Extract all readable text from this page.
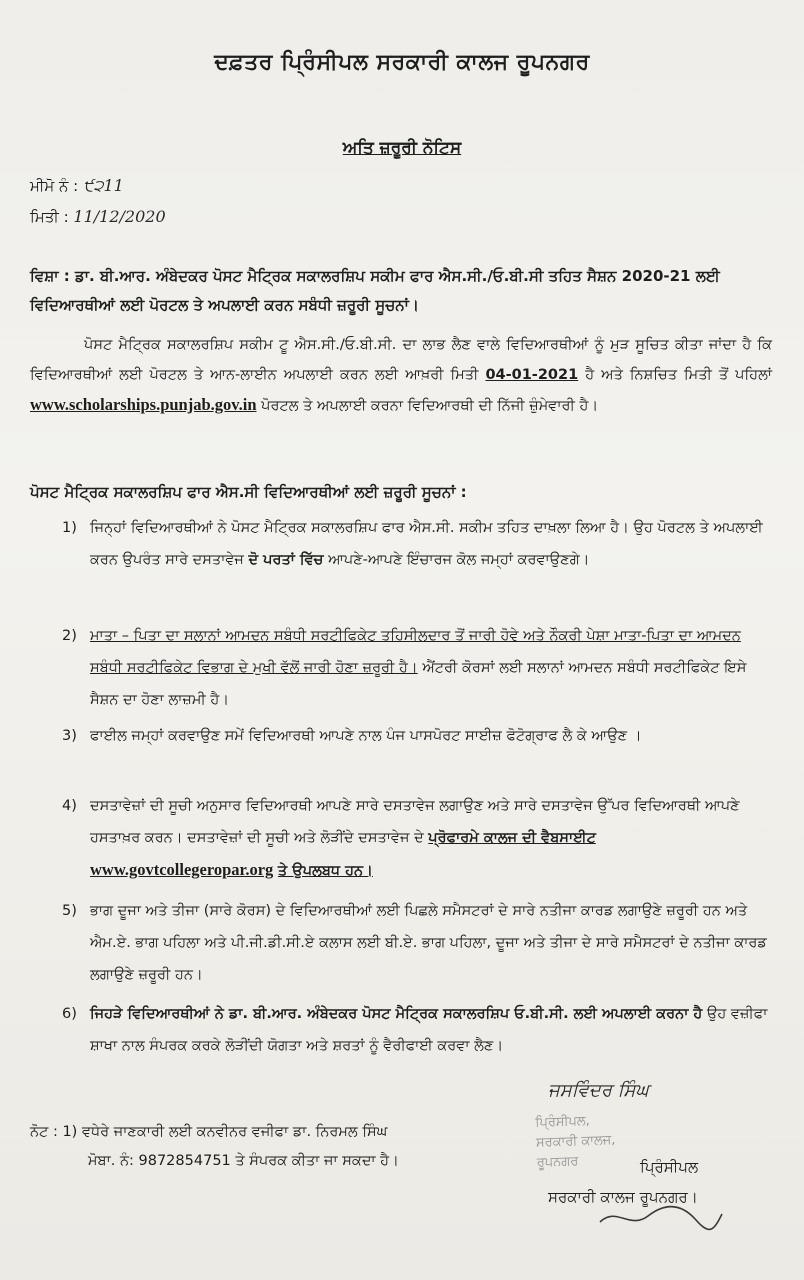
ਦਫ਼ਤਰ ਪ੍ਰਿੰਸੀਪਲ ਸਰਕਾਰੀ ਕਾਲਜ ਰੂਪਨਗਰ
ਅਤਿ ਜ਼ਰੂਰੀ ਨੋਟਿਸ
ਮੀਮੋ ਨੰ : ੯੨11
ਮਿਤੀ : 11/12/2020
ਵਿਸ਼ਾ : ਡਾ. ਬੀ.ਆਰ. ਅੰਬੇਦਕਰ ਪੋਸਟ ਮੈਟ੍ਰਿਕ ਸਕਾਲਰਸ਼ਿਪ ਸਕੀਮ ਫਾਰ ਐਸ.ਸੀ./ਓ.ਬੀ.ਸੀ ਤਹਿਤ ਸੈਸ਼ਨ 2020-21 ਲਈ ਵਿਦਿਆਰਥੀਆਂ ਲਈ ਪੋਰਟਲ ਤੇ ਅਪਲਾਈ ਕਰਨ ਸਬੰਧੀ ਜ਼ਰੂਰੀ ਸੂਚਨਾਂ।
ਪੋਸਟ ਮੈਟ੍ਰਿਕ ਸਕਾਲਰਸ਼ਿਪ ਸਕੀਮ ਟੂ ਐਸ.ਸੀ./ਓ.ਬੀ.ਸੀ. ਦਾ ਲਾਭ ਲੈਣ ਵਾਲੇ ਵਿਦਿਆਰਥੀਆਂ ਨੂੰ ਮੁੜ ਸੂਚਿਤ ਕੀਤਾ ਜਾਂਦਾ ਹੈ ਕਿ ਵਿਦਿਆਰਥੀਆਂ ਲਈ ਪੋਰਟਲ ਤੇ ਆਨ-ਲਾਈਨ ਅਪਲਾਈ ਕਰਨ ਲਈ ਆਖ਼ਰੀ ਮਿਤੀ 04-01-2021 ਹੈ ਅਤੇ ਨਿਸ਼ਚਿਤ ਮਿਤੀ ਤੋਂ ਪਹਿਲਾਂ www.scholarships.punjab.gov.in ਪੋਰਟਲ ਤੇ ਅਪਲਾਈ ਕਰਨਾ ਵਿਦਿਆਰਥੀ ਦੀ ਨਿੱਜੀ ਜ਼ੁੰਮੇਵਾਰੀ ਹੈ।
ਪੋਸਟ ਮੈਟ੍ਰਿਕ ਸਕਾਲਰਸ਼ਿਪ ਫਾਰ ਐਸ.ਸੀ ਵਿਦਿਆਰਥੀਆਂ ਲਈ ਜ਼ਰੂਰੀ ਸੂਚਨਾਂ :
1) ਜਿਨ੍ਹਾਂ ਵਿਦਿਆਰਥੀਆਂ ਨੇ ਪੋਸਟ ਮੈਟ੍ਰਿਕ ਸਕਾਲਰਸ਼ਿਪ ਫਾਰ ਐਸ.ਸੀ. ਸਕੀਮ ਤਹਿਤ ਦਾਖ਼ਲਾ ਲਿਆ ਹੈ। ਉਹ ਪੋਰਟਲ ਤੇ ਅਪਲਾਈ ਕਰਨ ਉਪਰੰਤ ਸਾਰੇ ਦਸਤਾਵੇਜ ਦੋ ਪਰਤਾਂ ਵਿੱਚ ਆਪਣੇ-ਆਪਣੇ ਇੰਚਾਰਜ ਕੋਲ ਜਮ੍ਹਾਂ ਕਰਵਾਉਣਗੇ।
2) ਮਾਤਾ – ਪਿਤਾ ਦਾ ਸਲਾਨਾਂ ਆਮਦਨ ਸਬੰਧੀ ਸਰਟੀਫਿਕੇਟ ਤਹਿਸੀਲਦਾਰ ਤੋਂ ਜਾਰੀ ਹੋਵੇ ਅਤੇ ਨੌਕਰੀ ਪੇਸ਼ਾ ਮਾਤਾ-ਪਿਤਾ ਦਾ ਆਮਦਨ ਸਬੰਧੀ ਸਰਟੀਫਿਕੇਟ ਵਿਭਾਗ ਦੇ ਮੁਖੀ ਵੱਲੋਂ ਜਾਰੀ ਹੋਣਾ ਜ਼ਰੂਰੀ ਹੈ। ਐਂਟਰੀ ਕੋਰਸਾਂ ਲਈ ਸਲਾਨਾਂ ਆਮਦਨ ਸਬੰਧੀ ਸਰਟੀਫਿਕੇਟ ਇਸੇ ਸੈਸ਼ਨ ਦਾ ਹੋਣਾ ਲਾਜ਼ਮੀ ਹੈ।
3) ਫਾਈਲ ਜਮ੍ਹਾਂ ਕਰਵਾਉਣ ਸਮੇਂ ਵਿਦਿਆਰਥੀ ਆਪਣੇ ਨਾਲ ਪੰਜ ਪਾਸਪੋਰਟ ਸਾਈਜ਼ ਫੋਟੋਗ੍ਰਾਫ ਲੈ ਕੇ ਆਉਣ ।
4) ਦਸਤਾਵੇਜ਼ਾਂ ਦੀ ਸੂਚੀ ਅਨੁਸਾਰ ਵਿਦਿਆਰਥੀ ਆਪਣੇ ਸਾਰੇ ਦਸਤਾਵੇਜ ਲਗਾਉਣ ਅਤੇ ਸਾਰੇ ਦਸਤਾਵੇਜ ਉੱਪਰ ਵਿਦਿਆਰਥੀ ਆਪਣੇ ਹਸਤਾਖ਼ਰ ਕਰਨ। ਦਸਤਾਵੇਜ਼ਾਂ ਦੀ ਸੂਚੀ ਅਤੇ ਲੋੜੀਂਦੇ ਦਸਤਾਵੇਜ ਦੇ ਪ੍ਰੋਫਾਰਮੇ ਕਾਲਜ ਦੀ ਵੈਬਸਾਈਟ www.govtcollegeropar.org ਤੇ ਉਪਲਬਧ ਹਨ।
5) ਭਾਗ ਦੂਜਾ ਅਤੇ ਤੀਜਾ (ਸਾਰੇ ਕੋਰਸ) ਦੇ ਵਿਦਿਆਰਥੀਆਂ ਲਈ ਪਿਛਲੇ ਸਮੈਸਟਰਾਂ ਦੇ ਸਾਰੇ ਨਤੀਜਾ ਕਾਰਡ ਲਗਾਉਣੇ ਜ਼ਰੂਰੀ ਹਨ ਅਤੇ ਐਮ.ਏ. ਭਾਗ ਪਹਿਲਾ ਅਤੇ ਪੀ.ਜੀ.ਡੀ.ਸੀ.ਏ ਕਲਾਸ ਲਈ ਬੀ.ਏ. ਭਾਗ ਪਹਿਲਾ, ਦੂਜਾ ਅਤੇ ਤੀਜਾ ਦੇ ਸਾਰੇ ਸਮੈਸਟਰਾਂ ਦੇ ਨਤੀਜਾ ਕਾਰਡ ਲਗਾਉਣੇ ਜ਼ਰੂਰੀ ਹਨ।
6) ਜਿਹੜੇ ਵਿਦਿਆਰਥੀਆਂ ਨੇ ਡਾ. ਬੀ.ਆਰ. ਅੰਬੇਦਕਰ ਪੋਸਟ ਮੈਟ੍ਰਿਕ ਸਕਾਲਰਸ਼ਿਪ ਓ.ਬੀ.ਸੀ. ਲਈ ਅਪਲਾਈ ਕਰਨਾ ਹੈ ਉਹ ਵਜ਼ੀਫਾ ਸ਼ਾਖਾ ਨਾਲ ਸੰਪਰਕ ਕਰਕੇ ਲੋੜੀਂਦੀ ਯੋਗਤਾ ਅਤੇ ਸ਼ਰਤਾਂ ਨੂੰ ਵੈਰੀਫਾਈ ਕਰਵਾ ਲੈਣ।
ਨੋਟ : 1) ਵਧੇਰੇ ਜਾਣਕਾਰੀ ਲਈ ਕਨਵੀਨਰ ਵਜੀਫਾ ਡਾ. ਨਿਰਮਲ ਸਿੰਘ
ਮੋਬਾ. ਨੰ: 9872854751 ਤੇ ਸੰਪਰਕ ਕੀਤਾ ਜਾ ਸਕਦਾ ਹੈ।
ਜਸਵਿੰਦਰ ਸਿੰਘ
ਪ੍ਰਿੰਸੀਪਲ,
ਸਰਕਾਰੀ ਕਾਲਜ,
ਰੂਪਨਗਰ	ਪ੍ਰਿੰਸੀਪਲ
ਸਰਕਾਰੀ ਕਾਲਜ ਰੂਪਨਗਰ।
